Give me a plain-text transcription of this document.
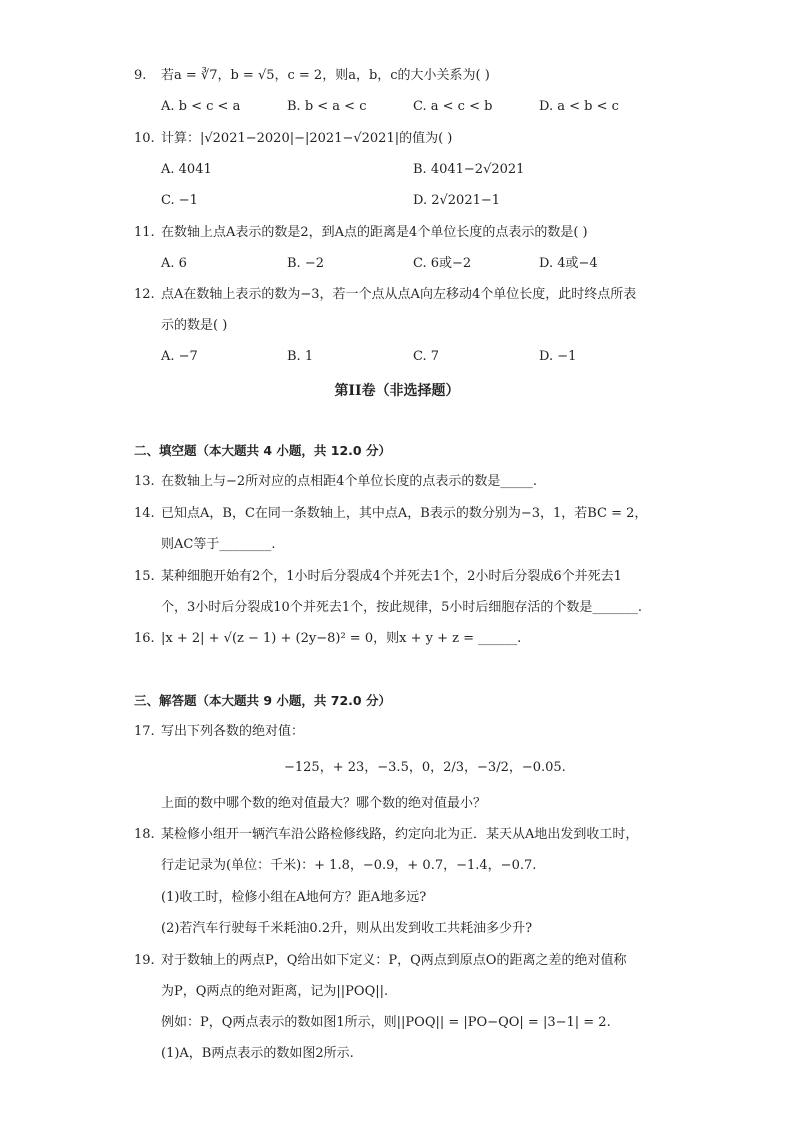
9. 若a = ∛7，b = √5，c = 2，则a，b，c的大小关系为( )
A. b < c < a	B. b < a < c	C. a < c < b	D. a < b < c
10. 计算：|√2021−2020|−|2021−√2021|的值为( )
A. 4041	B. 4041−2√2021
C. −1	D. 2√2021−1
11. 在数轴上点A表示的数是2，到A点的距离是4个单位长度的点表示的数是( )
A. 6	B. −2	C. 6或−2	D. 4或−4
12. 点A在数轴上表示的数为−3，若一个点从点A向左移动4个单位长度，此时终点所表
示的数是( )
A. −7	B. 1	C. 7	D. −1
第II卷（非选择题）
二、填空题（本大题共 4 小题，共 12.0 分）
13. 在数轴上与−2所对应的点相距4个单位长度的点表示的数是_____.
14. 已知点A，B，C在同一条数轴上，其中点A，B表示的数分别为−3，1，若BC = 2，
则AC等于________.
15. 某种细胞开始有2个，1小时后分裂成4个并死去1个，2小时后分裂成6个并死去1
个，3小时后分裂成10个并死去1个，按此规律，5小时后细胞存活的个数是_______.
16. |x + 2| + √(z − 1) + (2y−8)² = 0，则x + y + z = ______.
三、解答题（本大题共 9 小题，共 72.0 分）
17. 写出下列各数的绝对值：
−125，+ 23，−3.5，0，2/3，−3/2，−0.05.
上面的数中哪个数的绝对值最大？哪个数的绝对值最小？
18. 某检修小组开一辆汽车沿公路检修线路，约定向北为正．某天从A地出发到收工时，
行走记录为(单位：千米)：+ 1.8，−0.9，+ 0.7，−1.4，−0.7.
(1)收工时，检修小组在A地何方？距A地多远?
(2)若汽车行驶每千米耗油0.2升，则从出发到收工共耗油多少升?
19. 对于数轴上的两点P，Q给出如下定义：P，Q两点到原点O的距离之差的绝对值称
为P，Q两点的绝对距离，记为||POQ||.
例如：P，Q两点表示的数如图1所示，则||POQ|| = |PO−QO| = |3−1| = 2.
(1)A，B两点表示的数如图2所示.
